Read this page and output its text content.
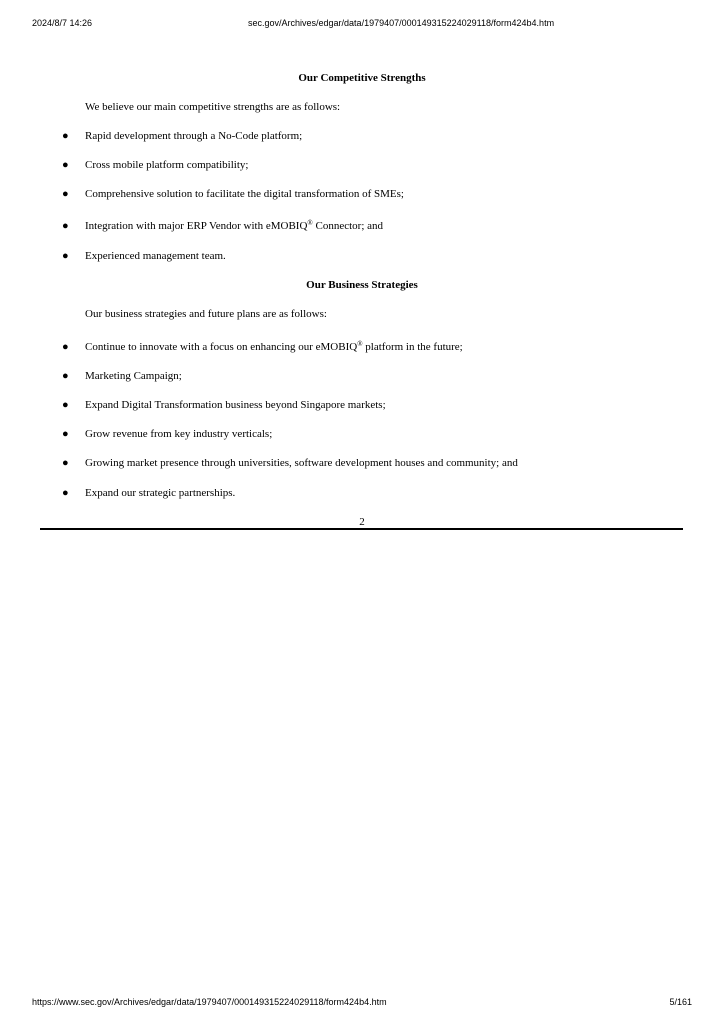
2024/8/7 14:26	sec.gov/Archives/edgar/data/1979407/000149315224029118/form424b4.htm
Our Competitive Strengths
We believe our main competitive strengths are as follows:
● Rapid development through a No-Code platform;
● Cross mobile platform compatibility;
● Comprehensive solution to facilitate the digital transformation of SMEs;
● Integration with major ERP Vendor with eMOBIQ® Connector; and
● Experienced management team.
Our Business Strategies
Our business strategies and future plans are as follows:
● Continue to innovate with a focus on enhancing our eMOBIQ® platform in the future;
● Marketing Campaign;
● Expand Digital Transformation business beyond Singapore markets;
● Grow revenue from key industry verticals;
● Growing market presence through universities, software development houses and community; and
● Expand our strategic partnerships.
2
https://www.sec.gov/Archives/edgar/data/1979407/000149315224029118/form424b4.htm	5/161
